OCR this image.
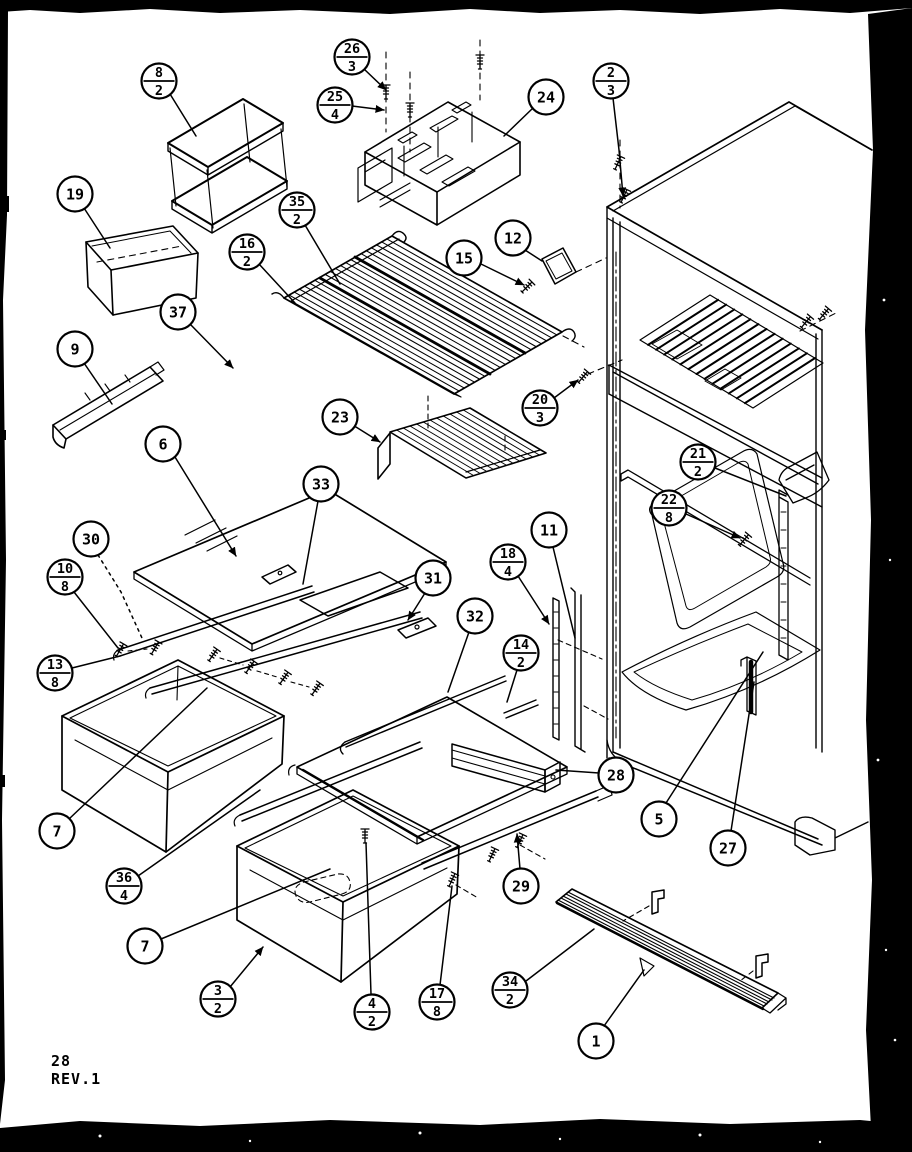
8
2
26
3
25
4
24
2
3
19	35
2
16
2
12
15
37
9
23
6
33
20
3
21
2
22
8
30
10
8	31
11
18
4
32
14
2
13
8
7
36
4
28
5
27
29
7
3
2	4
2
17
8
34
2
1
28
REV.1
